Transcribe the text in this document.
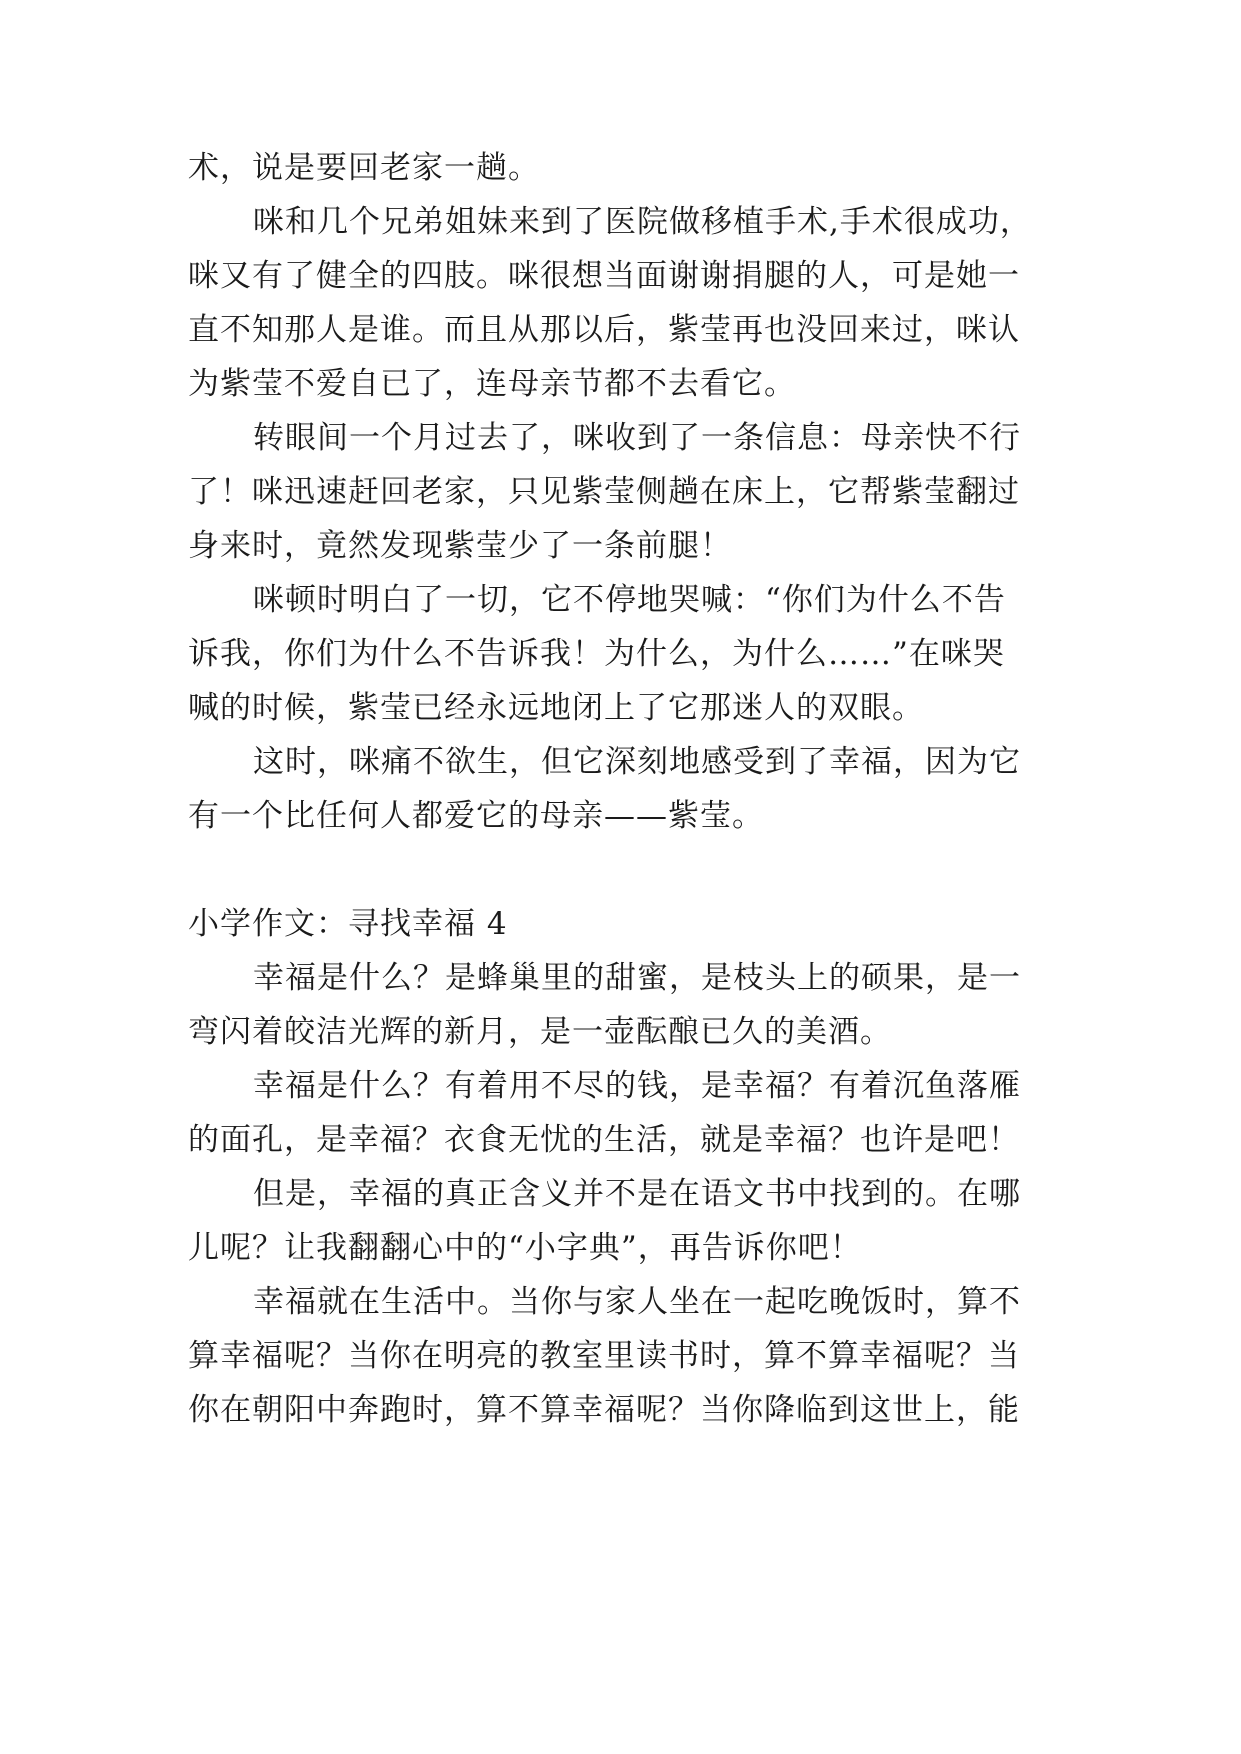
术，说是要回老家一趟。
咪和几个兄弟姐妹来到了医院做移植手术,手术很成功，
咪又有了健全的四肢。咪很想当面谢谢捐腿的人，可是她一
直不知那人是谁。而且从那以后，紫莹再也没回来过，咪认
为紫莹不爱自已了，连母亲节都不去看它。
转眼间一个月过去了，咪收到了一条信息：母亲快不行
了！咪迅速赶回老家，只见紫莹侧趟在床上，它帮紫莹翻过
身来时，竟然发现紫莹少了一条前腿！
咪顿时明白了一切，它不停地哭喊：“你们为什么不告
诉我，你们为什么不告诉我！为什么，为什么……”在咪哭
喊的时候，紫莹已经永远地闭上了它那迷人的双眼。
这时，咪痛不欲生，但它深刻地感受到了幸福，因为它
有一个比任何人都爱它的母亲——紫莹。
小学作文：寻找幸福 4
幸福是什么？是蜂巢里的甜蜜，是枝头上的硕果，是一
弯闪着皎洁光辉的新月，是一壶酝酿已久的美酒。
幸福是什么？有着用不尽的钱，是幸福？有着沉鱼落雁
的面孔，是幸福？衣食无忧的生活，就是幸福？也许是吧！
但是，幸福的真正含义并不是在语文书中找到的。在哪
儿呢？让我翻翻心中的“小字典”，再告诉你吧！
幸福就在生活中。当你与家人坐在一起吃晚饭时，算不
算幸福呢？当你在明亮的教室里读书时，算不算幸福呢？当
你在朝阳中奔跑时，算不算幸福呢？当你降临到这世上，能
